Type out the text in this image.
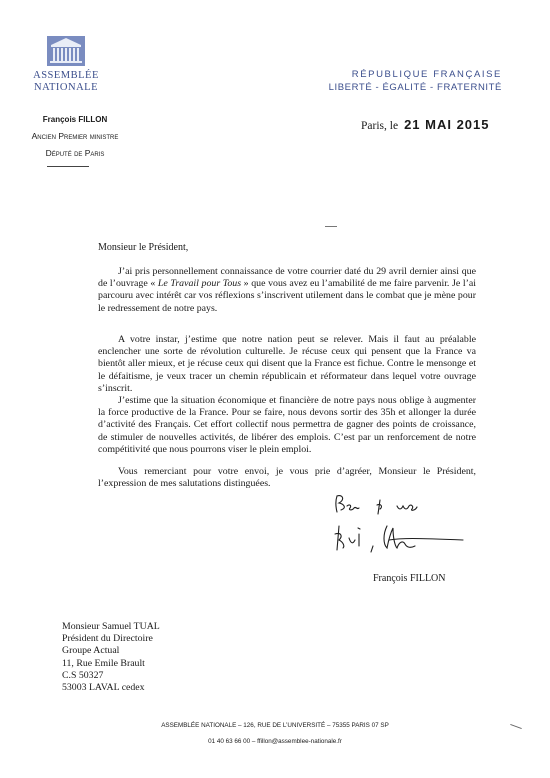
ASSEMBLÉE
NATIONALE
RÉPUBLIQUE FRANÇAISE
LIBERTÉ - ÉGALITÉ - FRATERNITÉ
François FILLON
Ancien Premier ministre
Député de Paris
Paris, le 21 MAI 2015
Monsieur le Président,
J’ai pris personnellement connaissance de votre courrier daté du 29 avril dernier ainsi que de l’ouvrage « Le Travail pour Tous » que vous avez eu l’amabilité de me faire parvenir. Je l’ai parcouru avec intérêt car vos réflexions s’inscrivent utilement dans le combat que je mène pour le redressement de notre pays.
A votre instar, j’estime que notre nation peut se relever. Mais il faut au préalable enclencher une sorte de révolution culturelle. Je récuse ceux qui pensent que la France va bientôt aller mieux, et je récuse ceux qui disent que la France est fichue. Contre le mensonge et le défaitisme, je veux tracer un chemin républicain et réformateur dans lequel votre ouvrage s’inscrit.
J’estime que la situation économique et financière de notre pays nous oblige à augmenter la force productive de la France. Pour se faire, nous devons sortir des 35h et allonger la durée d’activité des Français. Cet effort collectif nous permettra de gagner des points de croissance, de stimuler de nouvelles activités, de libérer des emplois. C’est par un renforcement de notre compétitivité que nous pourrons viser le plein emploi.
Vous remerciant pour votre envoi, je vous prie d’agréer, Monsieur le Président, l’expression de mes salutations distinguées.
François FILLON
Monsieur Samuel TUAL
Président du Directoire
Groupe Actual
11, Rue Emile Brault
C.S 50327
53003 LAVAL cedex
ASSEMBLÉE NATIONALE – 126, RUE DE L’UNIVERSITÉ – 75355 PARIS 07 SP
01 40 63 66 00 – ffillon@assemblee-nationale.fr
